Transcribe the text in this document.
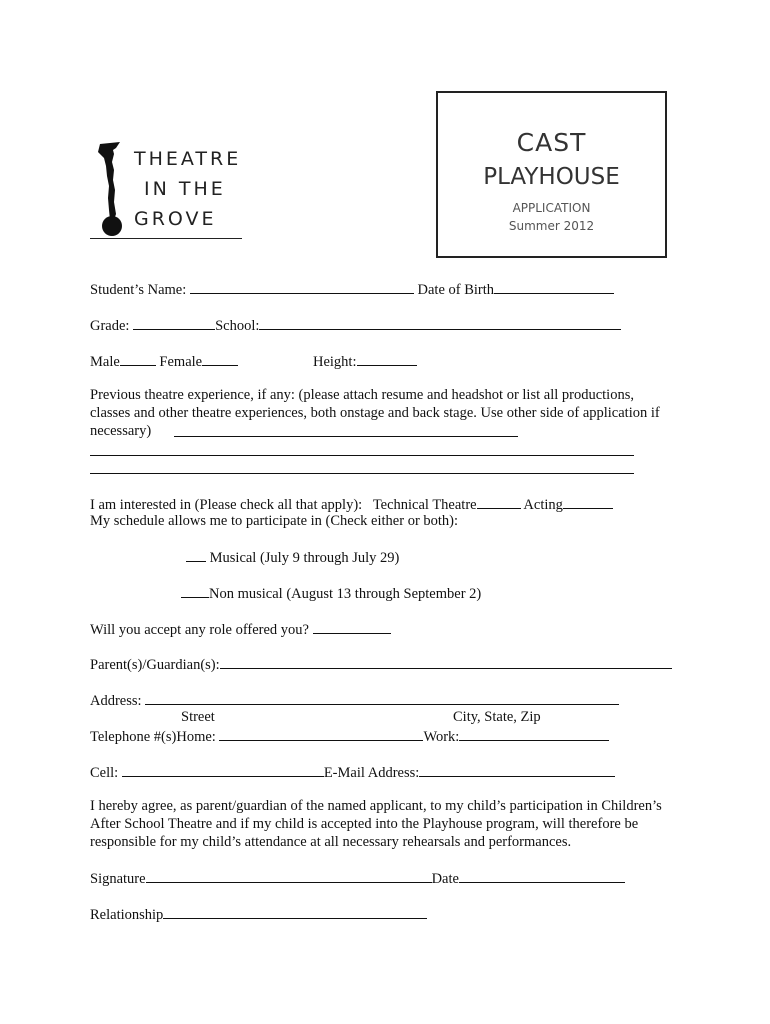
THEATRE
IN THE
GROVE
CAST
PLAYHOUSE
APPLICATION
Summer 2012
Student’s Name:	Date of Birth
Grade:	School:
Male	Female	Height:
Previous theatre experience, if any: (please attach resume and headshot or list all productions, classes and other theatre experiences, both onstage and back stage. Use other side of application if necessary)
I am interested in (Please check all that apply): Technical Theatre	Acting
My schedule allows me to participate in (Check either or both):
Musical (July 9 through July 29)
Non musical (August 13 through September 2)
Will you accept any role offered you?
Parent(s)/Guardian(s):
Address:
Street	City, State, Zip
Telephone #(s)Home:	Work:
Cell:	E-Mail Address:
I hereby agree, as parent/guardian of the named applicant, to my child’s participation in Children’s After School Theatre and if my child is accepted into the Playhouse program, will therefore be responsible for my child’s attendance at all necessary rehearsals and performances.
Signature	Date
Relationship
